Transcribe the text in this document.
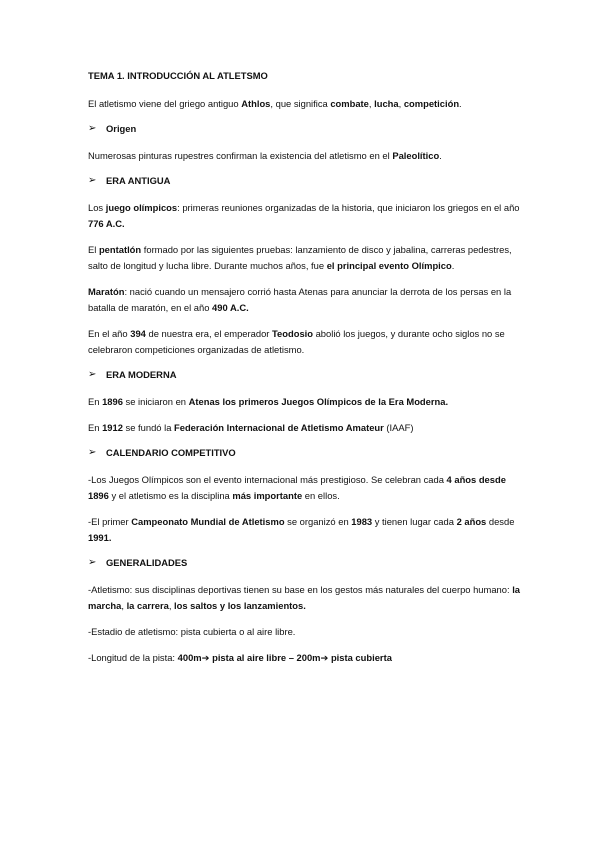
TEMA 1. INTRODUCCIÓN AL ATLETSMO

El atletismo viene del griego antiguo Athlos, que significa combate, lucha, competición.

➢	Origen

Numerosas pinturas rupestres confirman la existencia del atletismo en el Paleolítico.

➢	ERA ANTIGUA

Los juego olímpicos: primeras reuniones organizadas de la historia, que iniciaron los griegos en el año 776 A.C.

El pentatlón formado por las siguientes pruebas: lanzamiento de disco y jabalina, carreras pedestres, salto de longitud y lucha libre. Durante muchos años, fue el principal evento Olímpico.

Maratón: nació cuando un mensajero corrió hasta Atenas para anunciar la derrota de los persas en la batalla de maratón, en el año 490 A.C.

En el año 394 de nuestra era, el emperador Teodosio abolió los juegos, y durante ocho siglos no se celebraron competiciones organizadas de atletismo.

➢	ERA MODERNA

En 1896 se iniciaron en Atenas los primeros Juegos Olímpicos de la Era Moderna.

En 1912 se fundó la Federación Internacional de Atletismo Amateur (IAAF)

➢	CALENDARIO COMPETITIVO

-Los Juegos Olímpicos son el evento internacional más prestigioso. Se celebran cada 4 años desde 1896 y el atletismo es la disciplina más importante en ellos.

-El primer Campeonato Mundial de Atletismo se organizó en 1983 y tienen lugar cada 2 años desde 1991.

➢	GENERALIDADES

-Atletismo: sus disciplinas deportivas tienen su base en los gestos más naturales del cuerpo humano: la marcha, la carrera, los saltos y los lanzamientos.

-Estadio de atletismo: pista cubierta o al aire libre.

-Longitud de la pista: 400m➔ pista al aire libre – 200m➔ pista cubierta
